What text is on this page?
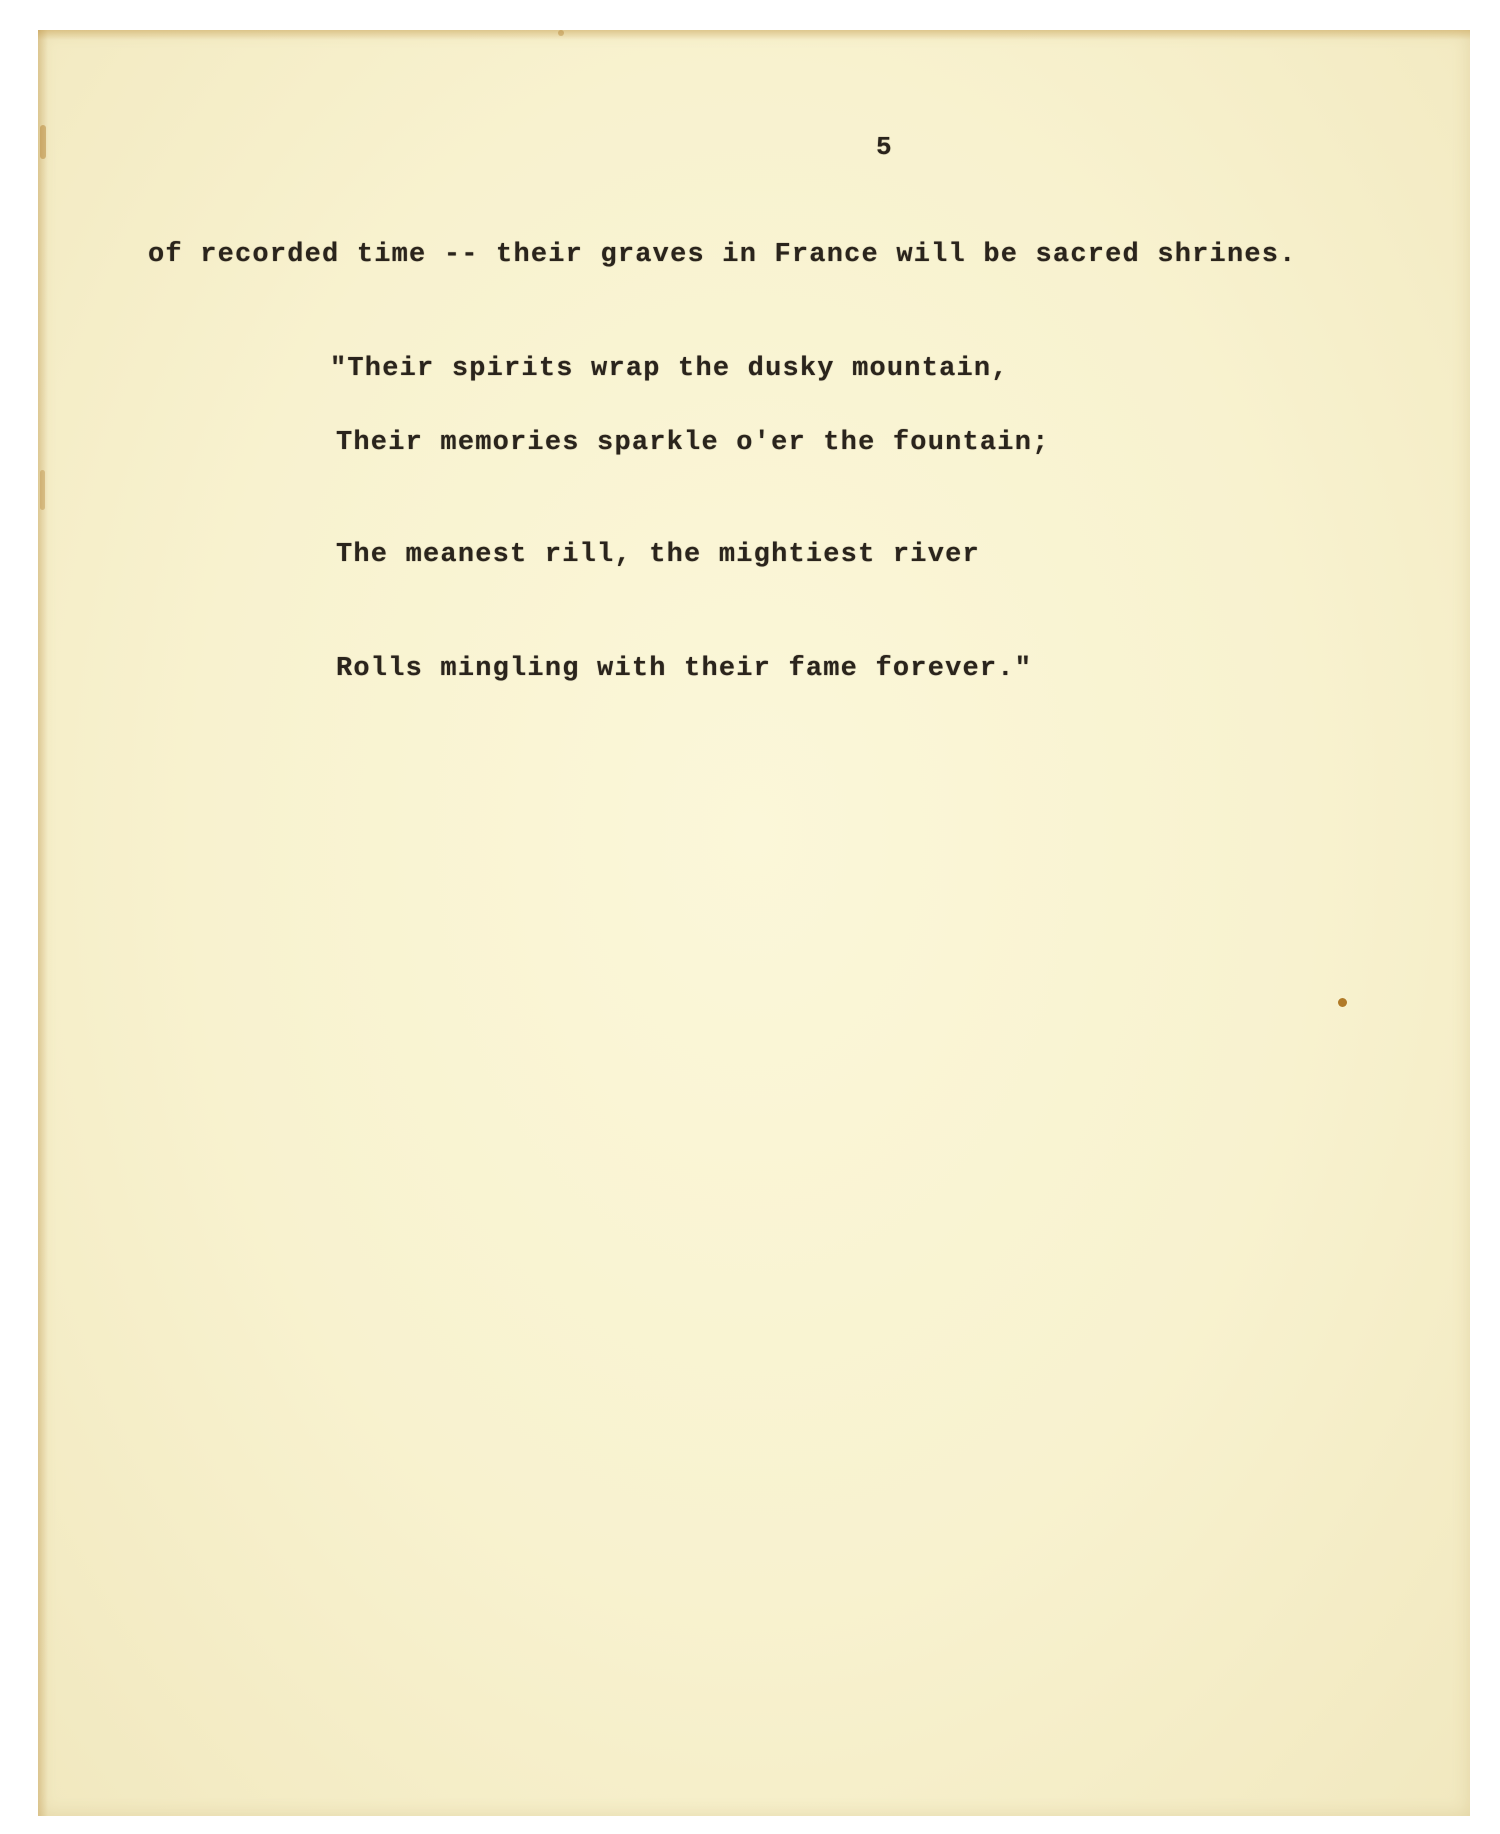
5
of recorded time -- their graves in France will be sacred shrines.
"Their spirits wrap the dusky mountain,
Their memories sparkle o'er the fountain;
The meanest rill, the mightiest river
Rolls mingling with their fame forever."
